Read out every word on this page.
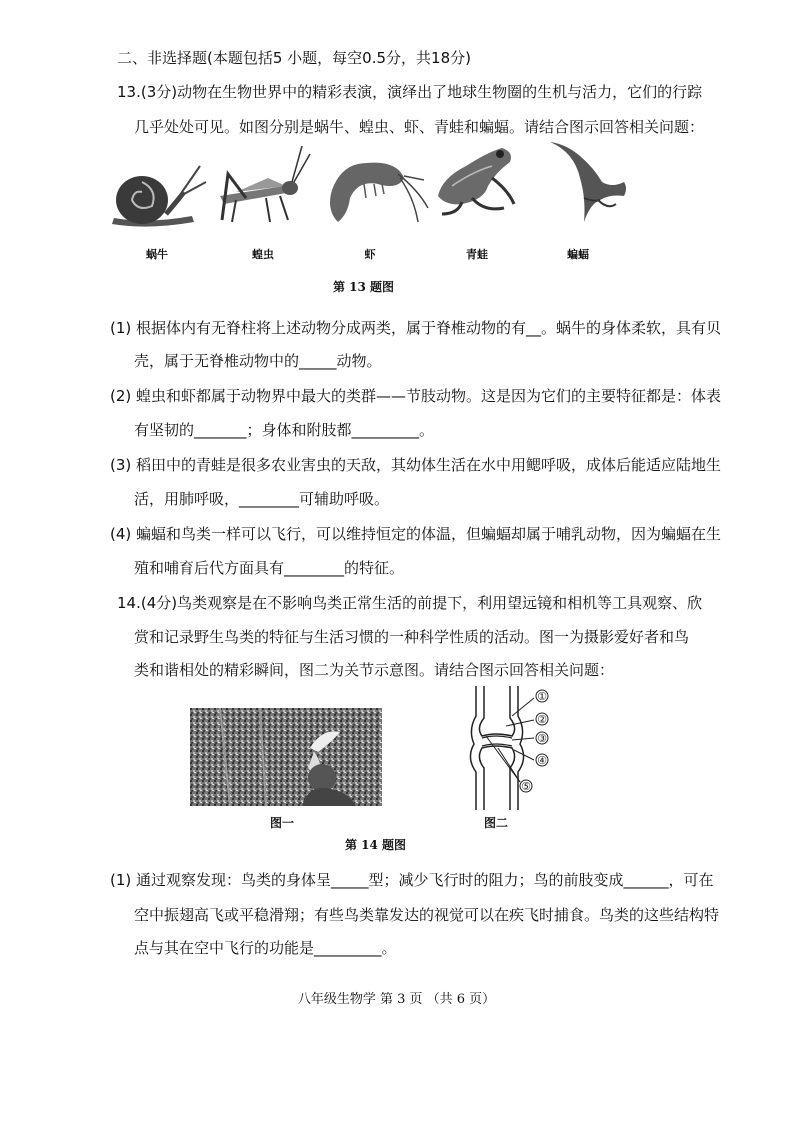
二、非选择题(本题包括5 小题，每空0.5分，共18分)
13.(3分)动物在生物世界中的精彩表演，演绎出了地球生物圈的生机与活力，它们的行踪
几乎处处可见。如图分别是蜗牛、蝗虫、虾、青蛙和蝙蝠。请结合图示回答相关问题：
蜗牛	蝗虫	虾	青蛙	蝙蝠
第 13 题图
(1) 根据体内有无脊柱将上述动物分成两类，属于脊椎动物的有__。蜗牛的身体柔软，具有贝
壳，属于无脊椎动物中的_____动物。
(2) 蝗虫和虾都属于动物界中最大的类群——节肢动物。这是因为它们的主要特征都是：体表
有坚韧的_______；身体和附肢都_________。
(3) 稻田中的青蛙是很多农业害虫的天敌，其幼体生活在水中用鳃呼吸，成体后能适应陆地生
活，用肺呼吸，________可辅助呼吸。
(4) 蝙蝠和鸟类一样可以飞行，可以维持恒定的体温，但蝙蝠却属于哺乳动物，因为蝙蝠在生
殖和哺育后代方面具有________的特征。
14.(4分)鸟类观察是在不影响鸟类正常生活的前提下，利用望远镜和相机等工具观察、欣
赏和记录野生鸟类的特征与生活习惯的一种科学性质的活动。图一为摄影爱好者和鸟
类和谐相处的精彩瞬间，图二为关节示意图。请结合图示回答相关问题：
图一
①
②
③
④
⑤
图二
第 14 题图
(1) 通过观察发现：鸟类的身体呈_____型；减少飞行时的阻力；鸟的前肢变成______，可在
空中振翅高飞或平稳滑翔；有些鸟类靠发达的视觉可以在疾飞时捕食。鸟类的这些结构特
点与其在空中飞行的功能是_________。
八年级生物学 第 3 页 （共 6 页）
